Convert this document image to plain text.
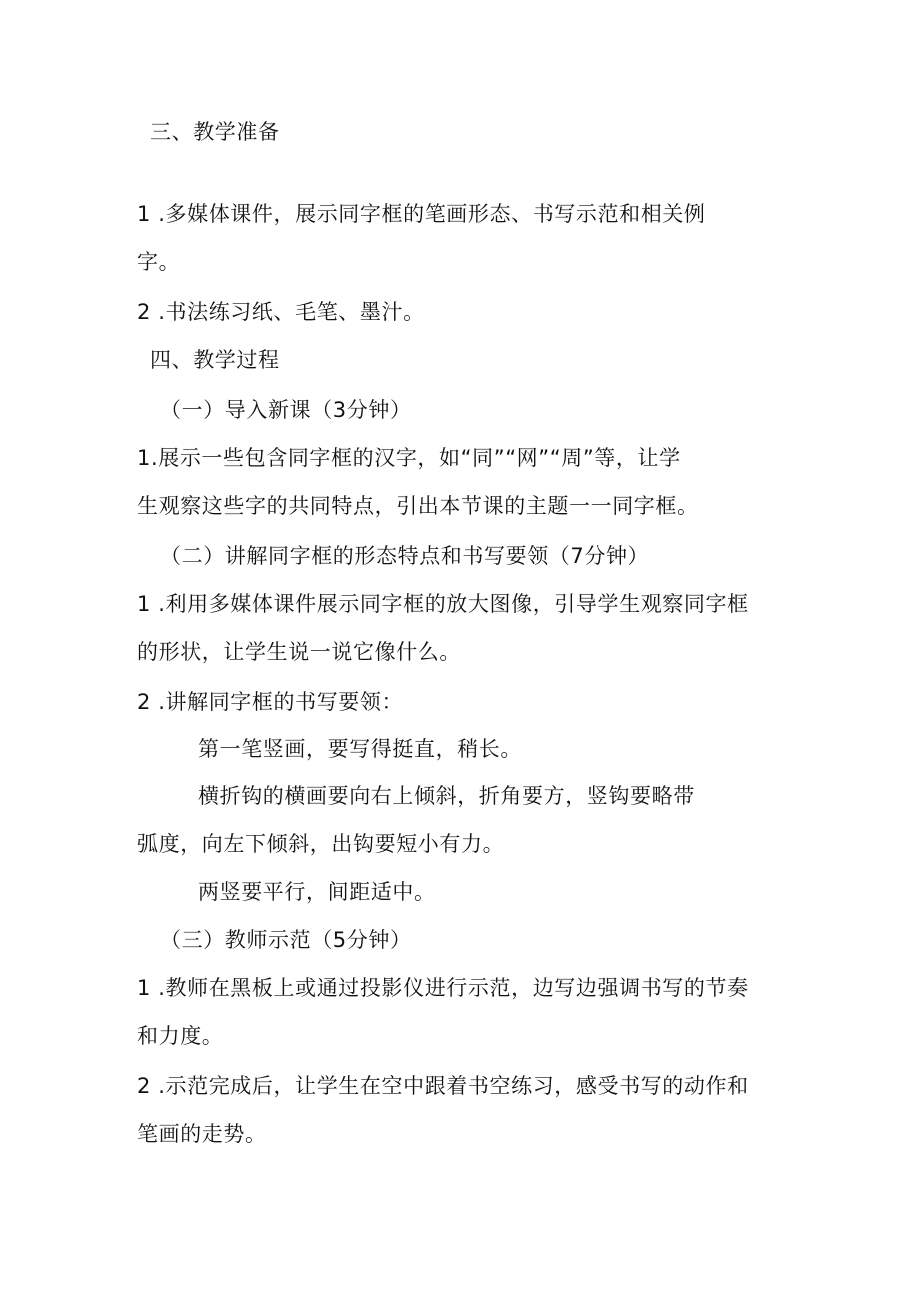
三、教学准备
1 .多媒体课件，展示同字框的笔画形态、书写示范和相关例
字。
2 .书法练习纸、毛笔、墨汁。
四、教学过程
（一）导入新课（3分钟）
1.展示一些包含同字框的汉字，如“同”“网”“周”等，让学
生观察这些字的共同特点，引出本节课的主题一一同字框。
（二）讲解同字框的形态特点和书写要领（7分钟）
1 .利用多媒体课件展示同字框的放大图像，引导学生观察同字框
的形状，让学生说一说它像什么。
2 .讲解同字框的书写要领：
第一笔竖画，要写得挺直，稍长。
横折钩的横画要向右上倾斜，折角要方，竖钩要略带
弧度，向左下倾斜，出钩要短小有力。
两竖要平行，间距适中。
（三）教师示范（5分钟）
1 .教师在黑板上或通过投影仪进行示范，边写边强调书写的节奏
和力度。
2 .示范完成后，让学生在空中跟着书空练习，感受书写的动作和
笔画的走势。
